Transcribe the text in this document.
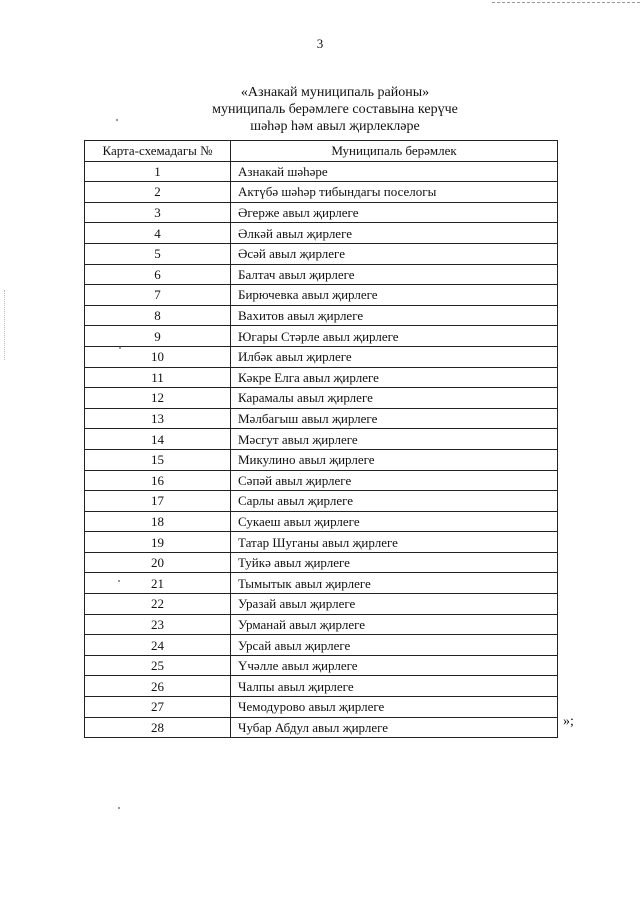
3
«Азнакай муниципаль районы»
муниципаль берәмлеге составына керүче
шәһәр һәм авыл җирлекләре
Карта-схемадагы №	Муниципаль берәмлек
1	Азнакай шәһәре
2	Актүбә шәһәр тибындагы поселогы
3	Әгерже авыл җирлеге
4	Әлкәй авыл җирлеге
5	Әсәй авыл җирлеге
6	Балтач авыл җирлеге
7	Бирючевка авыл җирлеге
8	Вахитов авыл җирлеге
9	Югары Стәрле авыл җирлеге
10	Илбәк авыл җирлеге
11	Кәкре Елга авыл җирлеге
12	Карамалы авыл җирлеге
13	Мәлбагыш авыл җирлеге
14	Мәсгут авыл җирлеге
15	Микулино авыл җирлеге
16	Сәпәй авыл җирлеге
17	Сарлы авыл җирлеге
18	Сукаеш авыл җирлеге
19	Татар Шуганы авыл җирлеге
20	Туйкә авыл җирлеге
21	Тымытык авыл җирлеге
22	Уразай авыл җирлеге
23	Урманай авыл җирлеге
24	Урсай авыл җирлеге
25	Үчәлле авыл җирлеге
26	Чалпы авыл җирлеге
27	Чемодурово авыл җирлеге
28	Чубар Абдул авыл җирлеге	»;
